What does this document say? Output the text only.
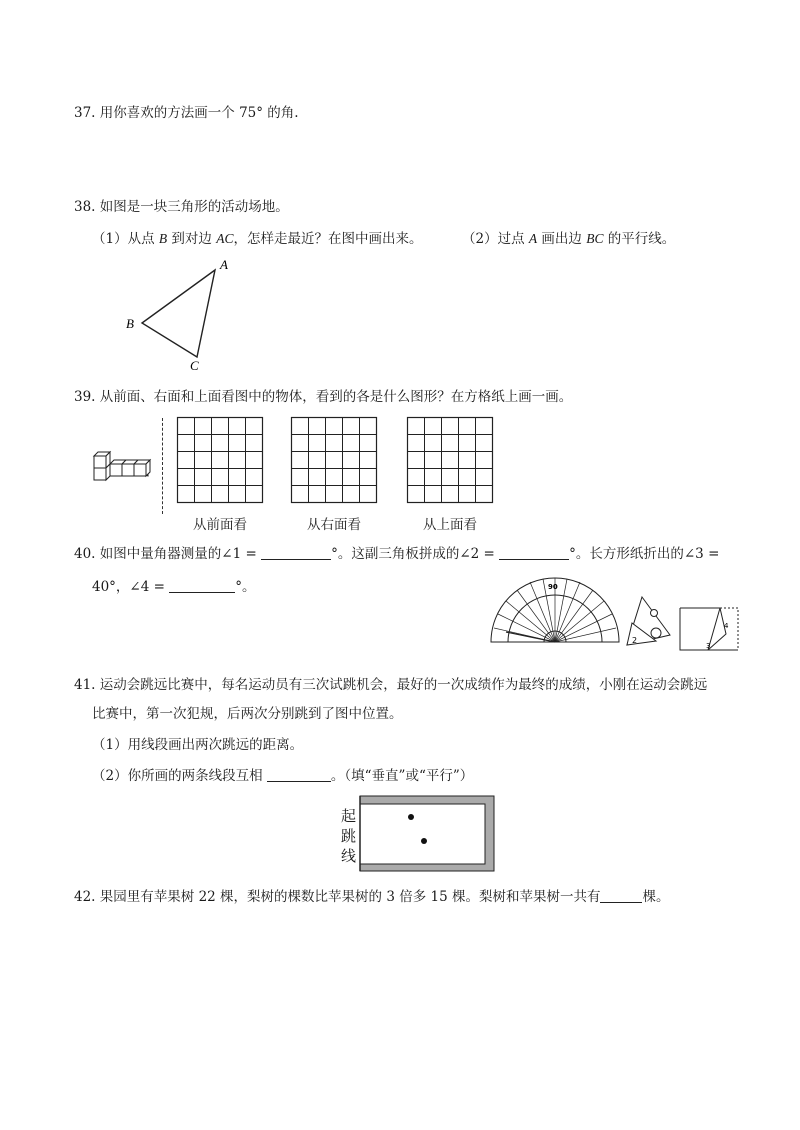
37. 用你喜欢的方法画一个 75° 的角.
38. 如图是一块三角形的活动场地。
（1）从点 B 到对边 AC，怎样走最近？在图中画出来。	（2）过点 A 画出边 BC 的平行线。
A
B
C
39. 从前面、右面和上面看图中的物体，看到的各是什么图形？在方格纸上画一画。
从前面看	从右面看	从上面看
40. 如图中量角器测量的∠1 =	°。这副三角板拼成的∠2 =	°。长方形纸折出的∠3 =
40°，∠4 =	°。	90
2
3
4
41. 运动会跳远比赛中，每名运动员有三次试跳机会，最好的一次成绩作为最终的成绩，小刚在运动会跳远
比赛中，第一次犯规，后两次分别跳到了图中位置。
（1）用线段画出两次跳远的距离。
（2）你所画的两条线段互相	。（填“垂直”或“平行”）
起
跳
线
42. 果园里有苹果树 22 棵，梨树的棵数比苹果树的 3 倍多 15 棵。梨树和苹果树一共有	棵。
